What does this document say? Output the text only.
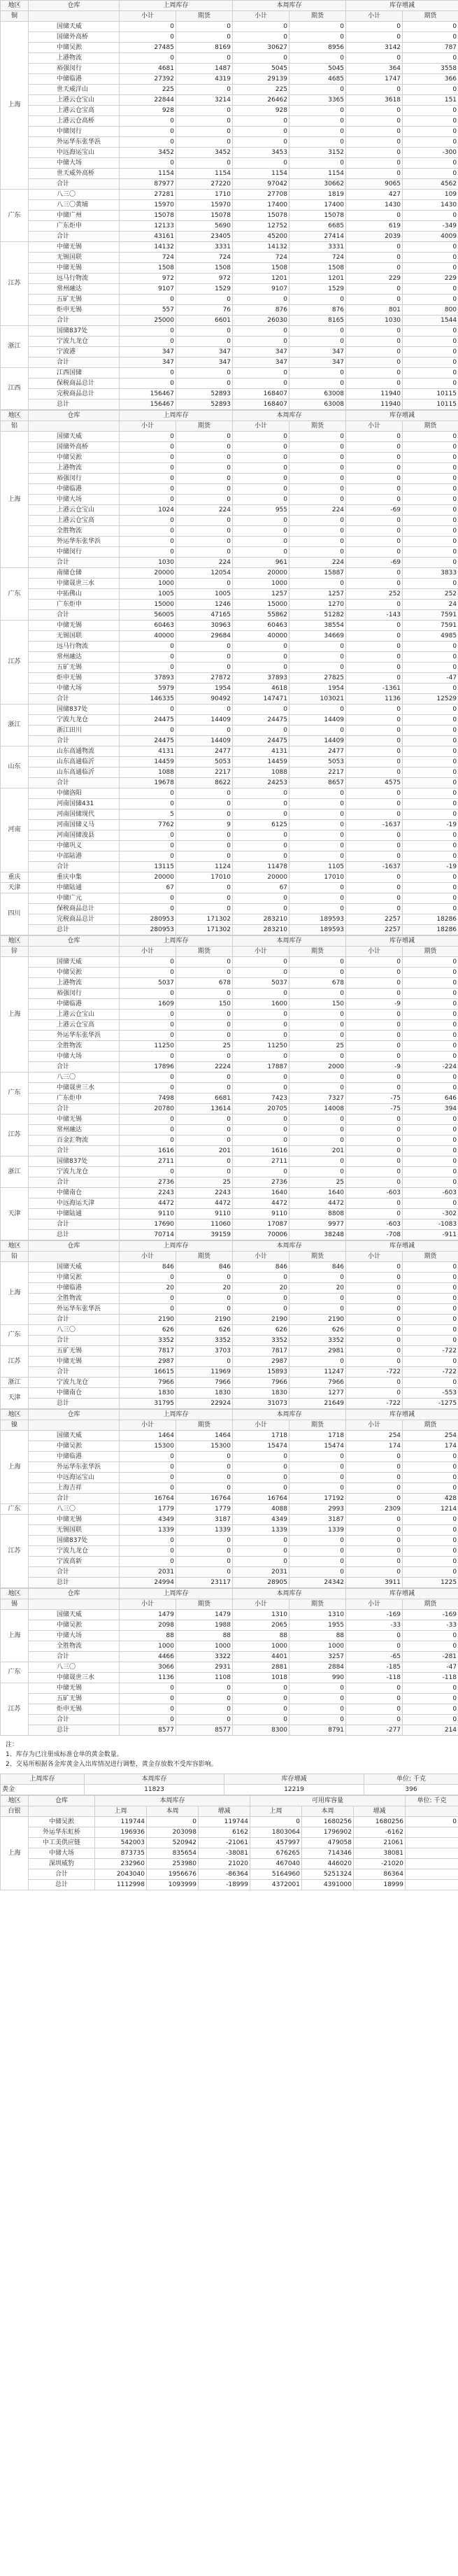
地区	仓库	上周库存		本周库存		库存增减	
铜		小计	期货	小计	期货	小计	期货
上海	国储天威	0	0	0	0	0	0
	国储外高桥	0	0	0	0	0	0
	中储吴淞	27485	8169	30627	8956	3142	787
	上港物流	0	0	0	0	0	0
	裕强闵行	4681	1487	5045	5045	364	3558
	中储临港	27392	4319	29139	4685	1747	366
	世天威洋山	225	0	225	0	0	0
	上港云仓宝山	22844	3214	26462	3365	3618	151
	上港云仓宝高	928	0	928	0	0	0
	上港云仓高桥	0	0	0	0	0	0
	中储闵行	0	0	0	0	0	0
	外运华东张华浜	0	0	0	0	0	0
	中远海运宝山	3452	3452	3453	3152	0	-300
	中储大场	0	0	0	0	0	0
	世天威外高桥	1154	1154	1154	1154	0	0
	合计	87977	27220	97042	30662	9065	4562
广东	八三〇	27281	1710	27708	1819	427	109
	八三〇黄埔	15970	15970	17400	17400	1430	1430
	中储广州	15078	15078	15078	15078	0	0
	广东炬申	12133	5690	12752	6685	619	-349
	合计	43161	23405	45200	27414	2039	4009
江苏	中储无锡	14132	3331	14132	3331	0	0
	无锡国联	724	724	724	724	0	0
	中储无锡	1508	1508	1508	1508	0	0
	远马行物流	972	972	1201	1201	229	229
	常州融达	9107	1529	9107	1529	0	0
	五矿无锡	0	0	0	0	0	0
	炬申无锡	557	76	876	876	801	800
	合计	25000	6601	26030	8165	1030	1544
浙江	国储837处	0	0	0	0	0	0
	宁波九龙仓	0	0	0	0	0	0
	宁波港	347	347	347	347	0	0
	合计	347	347	347	347	0	0
江西	江西国储	0	0	0	0	0	0
	保税商品总计	0	0	0	0	0	0
	完税商品总计	156467	52893	168407	63008	11940	10115
	总计	156467	52893	168407	63008	11940	10115
地区	仓库	上周库存		本周库存		库存增减	
铝		小计	期货	小计	期货	小计	期货
上海	国储天威	0	0	0	0	0	0
	国储外高桥	0	0	0	0	0	0
	中储吴淞	0	0	0	0	0	0
	上港物流	0	0	0	0	0	0
	裕强闵行	0	0	0	0	0	0
	中储临港	0	0	0	0	0	0
	中储大场	0	0	0	0	0	0
	上港云仓宝山	1024	224	955	224	-69	0
	上港云仓宝高	0	0	0	0	0	0
	全胜物流	0	0	0	0	0	0
	外运华东张华浜	0	0	0	0	0	0
	中储闵行	0	0	0	0	0	0
	合计	1030	224	961	224	-69	0
广东	南储仓储	20000	12054	20000	15887	0	3833
	中储晟世三水	1000	0	1000	0	0	0
	中拓佛山	1005	1005	1257	1257	252	252
	广东炬申	15000	1246	15000	1270	0	24
	合计	56005	47165	55862	51282	-143	7591
江苏	中储无锡	60463	30963	60463	38554	0	7591
	无锡国联	40000	29684	40000	34669	0	4985
	远马行物流	0	0	0	0	0	0
	常州融达	0	0	0	0	0	0
	五矿无锡	0	0	0	0	0	0
	炬申无锡	37893	27872	37893	27825	0	-47
	中储大场	5979	1954	4618	1954	-1361	0
	合计	146335	90492	147471	103021	1136	12529
浙江	国储837处	0	0	0	0	0	0
	宁波九龙仓	24475	14409	24475	14409	0	0
	浙江田川	0	0	0	0	0	0
	合计	24475	14409	24475	14409	0	0
山东	山东高通物流	4131	2477	4131	2477	0	0
	山东高通临沂	14459	5053	14459	5053	0	0
	山东高通临沂	1088	2217	1088	2217	0	0
	合计	19678	8622	24253	8657	4575	0
河南	中储洛阳	0	0	0	0	0	0
	河南国储431	0	0	0	0	0	0
	河南国储现代	5	0	0	0	0	0
	河南国储义马	7762	9	6125	0	-1637	-19
	河南国储浚县	0	0	0	0	0	0
	中储巩义	0	0	0	0	0	0
	中部陆港	0	0	0	0	0	0
	合计	13115	1124	11478	1105	-1637	-19
重庆	重庆中集	20000	17010	20000	17010	0	0
天津	中储陆通	67	0	67	0	0	0
四川	中储广元	0	0	0	0	0	0
	保税商品总计	0	0	0	0	0	0
	完税商品总计	280953	171302	283210	189593	2257	18286
	总计	280953	171302	283210	189593	2257	18286
地区	仓库	上周库存		本周库存		库存增减	
锌		小计	期货	小计	期货	小计	期货
上海	国储天威	0	0	0	0	0	0
	中储吴淞	0	0	0	0	0	0
	上港物流	5037	678	5037	678	0	0
	裕强闵行	0	0	0	0	0	0
	中储临港	1609	150	1600	150	-9	0
	上港云仓宝山	0	0	0	0	0	0
	上港云仓宝高	0	0	0	0	0	0
	外运华东张华浜	0	0	0	0	0	0
	全胜物流	11250	25	11250	25	0	0
	中储大场	0	0	0	0	0	0
	合计	17896	2224	17887	2000	-9	-224
广东	八三〇	0	0	0	0	0	0
	中储晟世三水	0	0	0	0	0	0
	广东炬申	7498	6681	7423	7327	-75	646
	合计	20780	13614	20705	14008	-75	394
江苏	中储无锡	0	0	0	0	0	0
	常州融达	0	0	0	0	0	0
	百金汇物流	0	0	0	0	0	0
	合计	1616	201	1616	201	0	0
浙江	国储837处	2711	0	2711	0	0	0
	宁波九龙仓	0	0	0	0	0	0
	合计	2736	25	2736	25	0	0
天津	中储南仓	2243	2243	1640	1640	-603	-603
	中远海运天津	4472	4472	4472	4472	0	0
	中储陆通	9110	9110	9110	8808	0	-302
	合计	17690	11060	17087	9977	-603	-1083
	总计	70714	39159	70006	38248	-708	-911
地区	仓库	上周库存		本周库存		库存增减	
铅		小计	期货	小计	期货	小计	期货
上海	国储天威	846	846	846	846	0	0
	中储吴淞	0	0	0	0	0	0
	中储临港	20	20	20	20	0	0
	全胜物流	0	0	0	0	0	0
	外运华东张华浜	0	0	0	0	0	0
	合计	2190	2190	2190	2190	0	0
广东	八三〇	626	626	626	626	0	0
	合计	3352	3352	3352	3352	0	0
江苏	五矿无锡	7817	3703	7817	2981	0	-722
	中储无锡	2987	0	2987	0	0	0
	合计	16615	11969	15893	11247	-722	-722
浙江	宁波九龙仓	7966	7966	7966	7966	0	0
天津	中储南仓	1830	1830	1830	1277	0	-553
	总计	31795	22924	31073	21649	-722	-1275
地区	仓库	上周库存		本周库存		库存增减	
镍		小计	期货	小计	期货	小计	期货
上海	国储天威	1464	1464	1718	1718	254	254
	中储吴淞	15300	15300	15474	15474	174	174
	中储临港	0	0	0	0	0	0
	外运华东张华浜	0	0	0	0	0	0
	中远海运宝山	0	0	0	0	0	0
	上海吉祥	0	0	0	0	0	0
	合计	16764	16764	16764	17192	0	428
广东	八三〇	1779	1779	4088	2993	2309	1214
江苏	中储无锡	4349	3187	4349	3187	0	0
	无锡国联	1339	1339	1339	1339	0	0
	国储837处	0	0	0	0	0	0
	宁波九龙仓	0	0	0	0	0	0
	宁波高新	0	0	0	0	0	0
	合计	2031	0	2031	0	0	0
	总计	24994	23117	28905	24342	3911	1225
地区	仓库	上周库存		本周库存		库存增减	
锡		小计	期货	小计	期货	小计	期货
上海	国储天威	1479	1479	1310	1310	-169	-169
	中储吴淞	2098	1988	2065	1955	-33	-33
	中储大场	88	88	88	88	0	0
	全胜物流	1000	1000	1000	1000	0	0
	合计	4466	3322	4401	3257	-65	-281
广东	八三〇	3066	2931	2881	2884	-185	-47
	中储晟世三水	1136	1108	1018	990	-118	-118
江苏	中储无锡	0	0	0	0	0	0
	五矿无锡	0	0	0	0	0	0
	炬申无锡	0	0	0	0	0	0
	合计	0	0	0	0	0	0
	总计	8577	8577	8300	8791	-277	214
注：
1、库存为已注册成标准仓单的黄金数量。
2、交易所根据各金库黄金入出库情况进行调整，黄金存放数不受库容影响。
上周库存	本周库存	库存增减	单位: 千克
黄金	11823	12219	396
地区	仓库	本周库存			可用库容量			单位: 千克
白银		上周	本周	增减	上周	本周	增减	
上海	中储吴淞	119744	0	119744	0	1680256	1680256	0
	外运华东虹桥	196936	203098	6162	1803064	1796902	-6162	
	中工美供应链	542003	520942	-21061	457997	479058	21061	
	中储大场	873735	835654	-38081	676265	714346	38081	
	深圳威豹	232960	253980	21020	467040	446020	-21020	
	合计	2043040	1956676	-86364	5164960	5251324	86364	
	总计	1112998	1093999	-18999	4372001	4391000	18999	
